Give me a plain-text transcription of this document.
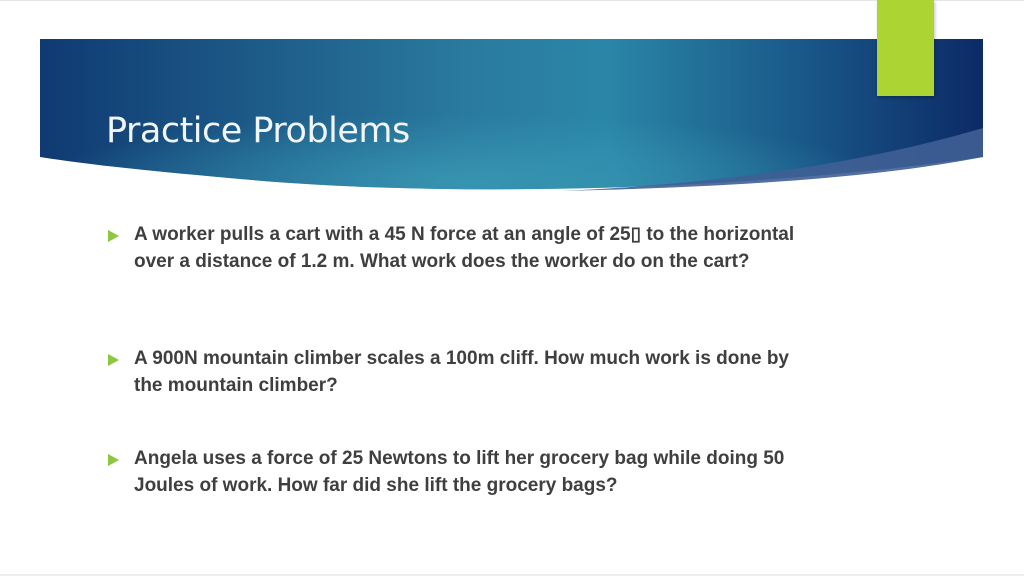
Practice Problems
A worker pulls a cart with a 45 N force at an angle of 25▯ to the horizontal over a distance of 1.2 m. What work does the worker do on the cart?
A 900N mountain climber scales a 100m cliff. How much work is done by the mountain climber?
Angela uses a force of 25 Newtons to lift her grocery bag while doing 50 Joules of work. How far did she lift the grocery bags?
